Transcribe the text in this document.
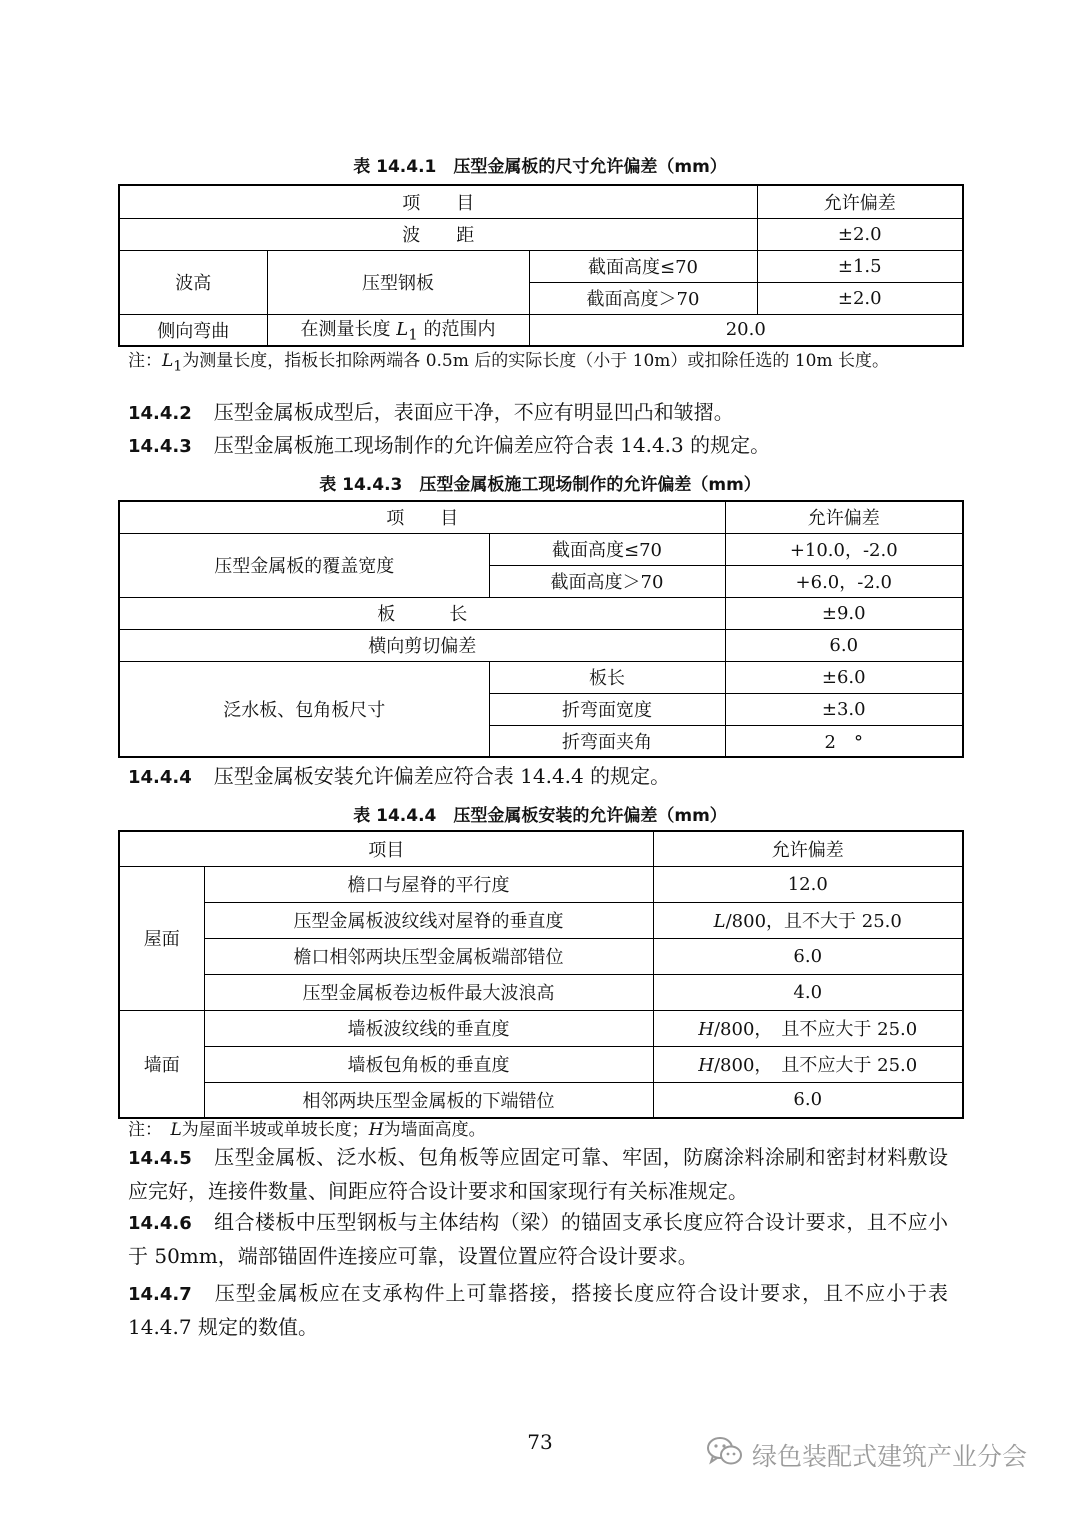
表 14.4.1　压型金属板的尺寸允许偏差（mm）
项　　目			允许偏差
波　　距			±2.0
波高	压型钢板	截面高度≤70	±1.5
		截面高度＞70	±2.0
侧向弯曲	在测量长度 $L_1$ 的范围内	20.0	
注：$L_1$为测量长度，指板长扣除两端各 0.5m 后的实际长度（小于 10m）或扣除任选的 10m 长度。
14.4.2 压型金属板成型后，表面应干净，不应有明显凹凸和皱摺。
14.4.3 压型金属板施工现场制作的允许偏差应符合表 14.4.3 的规定。
表 14.4.3　压型金属板施工现场制作的允许偏差（mm）
项　　目		允许偏差
压型金属板的覆盖宽度	截面高度≤70	+10.0，-2.0
	截面高度＞70	+6.0，-2.0
板　　　长		±9.0
横向剪切偏差		6.0
泛水板、包角板尺寸	板长	±6.0
	折弯面宽度	±3.0
	折弯面夹角	2　°
14.4.4 压型金属板安装允许偏差应符合表 14.4.4 的规定。
表 14.4.4　压型金属板安装的允许偏差（mm）
项目		允许偏差
屋面	檐口与屋脊的平行度	12.0
	压型金属板波纹线对屋脊的垂直度	L/800，且不大于 25.0
	檐口相邻两块压型金属板端部错位	6.0
	压型金属板卷边板件最大波浪高	4.0
墙面	墙板波纹线的垂直度	H/800，　且不应大于 25.0
	墙板包角板的垂直度	H/800，　且不应大于 25.0
	相邻两块压型金属板的下端错位	6.0
注：　L为屋面半坡或单坡长度；H为墙面高度。
14.4.5 压型金属板、泛水板、包角板等应固定可靠、牢固，防腐涂料涂刷和密封材料敷设应完好，连接件数量、间距应符合设计要求和国家现行有关标准规定。
14.4.6 组合楼板中压型钢板与主体结构（梁）的锚固支承长度应符合设计要求，且不应小于 50mm，端部锚固件连接应可靠，设置位置应符合设计要求。
14.4.7 压型金属板应在支承构件上可靠搭接，搭接长度应符合设计要求，且不应小于表 14.4.7 规定的数值。
73	绿色装配式建筑产业分会
